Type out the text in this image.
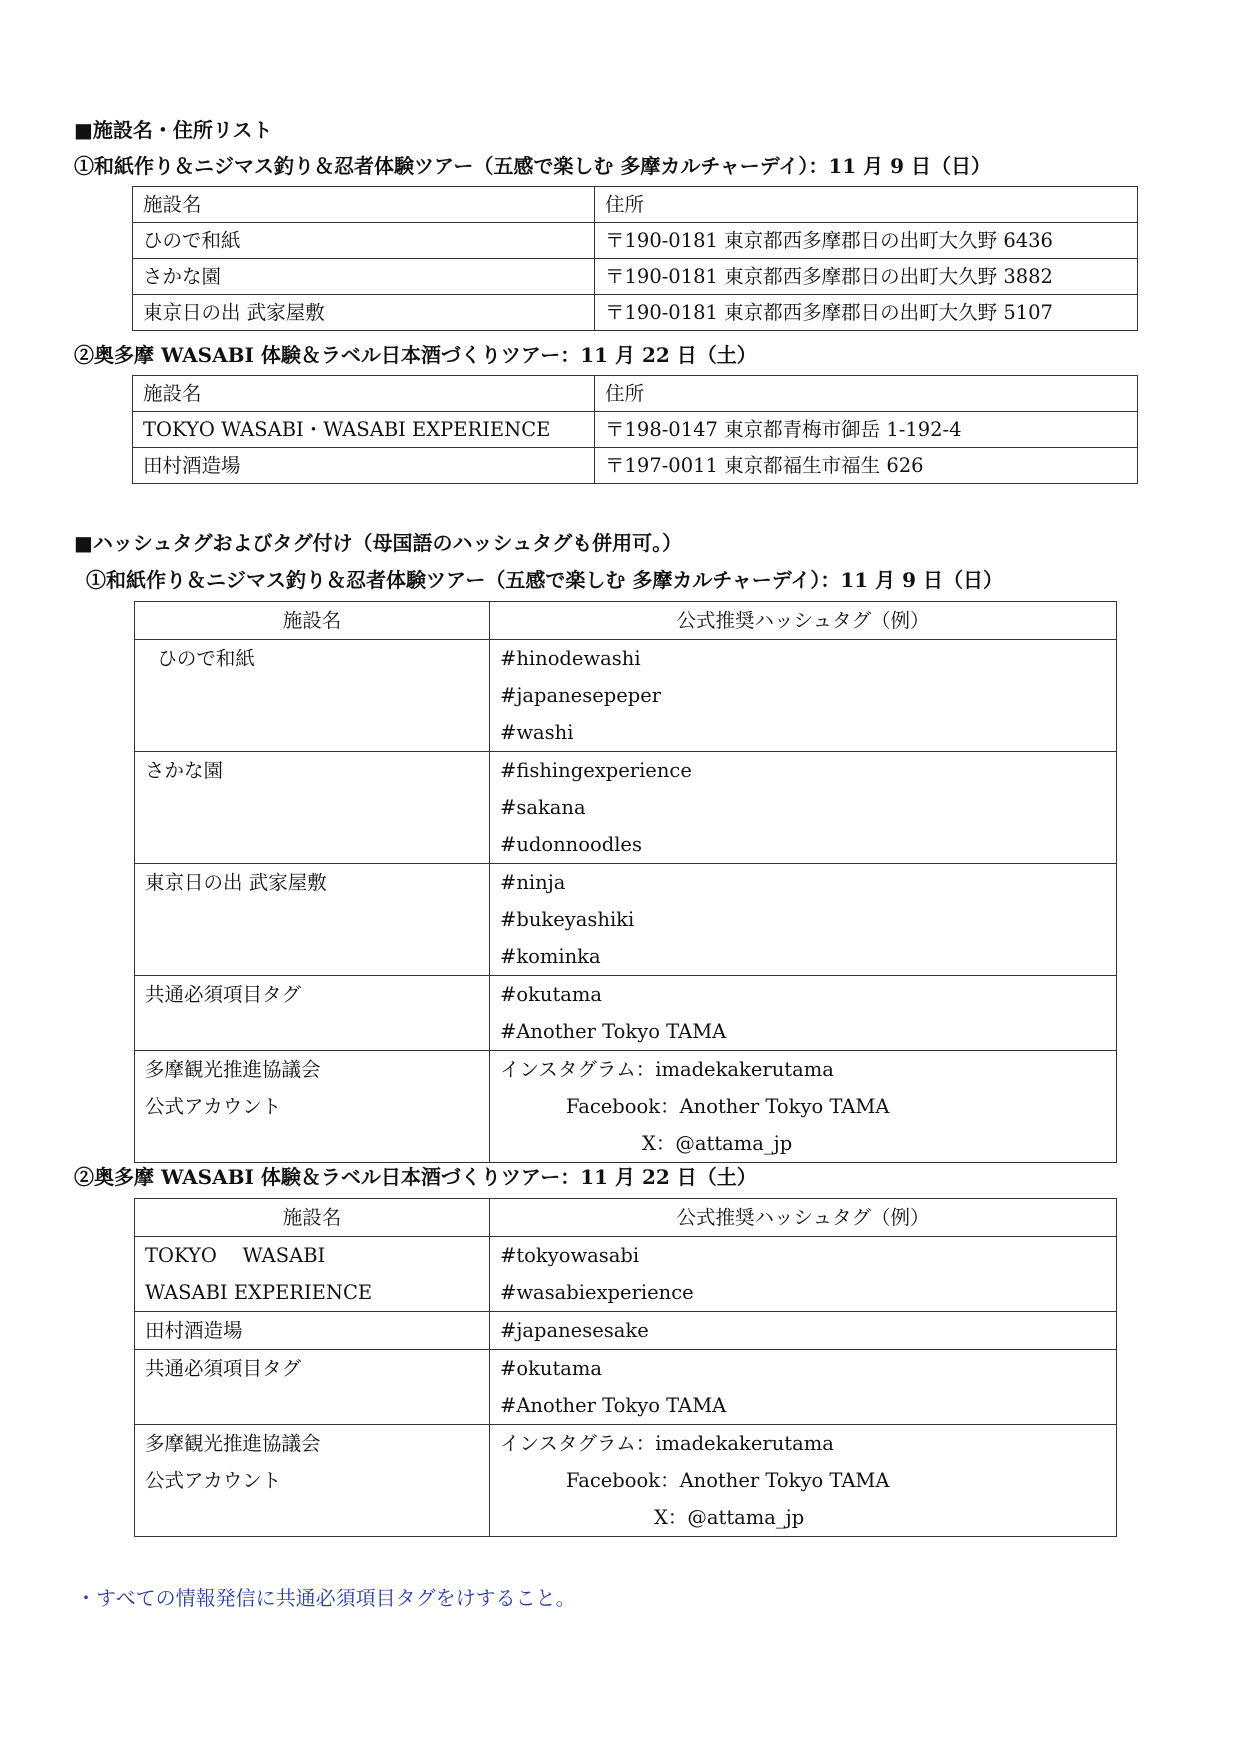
■施設名・住所リスト
①和紙作り＆ニジマス釣り＆忍者体験ツアー（五感で楽しむ 多摩カルチャーデイ）：11 月 9 日（日）
施設名	住所
ひので和紙	〒190-0181 東京都西多摩郡日の出町大久野 6436
さかな園	〒190-0181 東京都西多摩郡日の出町大久野 3882
東京日の出 武家屋敷	〒190-0181 東京都西多摩郡日の出町大久野 5107
②奥多摩 WASABI 体験＆ラベル日本酒づくりツアー：11 月 22 日（土）
施設名	住所
TOKYO WASABI・WASABI EXPERIENCE	〒198-0147 東京都青梅市御岳 1-192-4
田村酒造場	〒197-0011 東京都福生市福生 626
■ハッシュタグおよびタグ付け（母国語のハッシュタグも併用可。）
①和紙作り＆ニジマス釣り＆忍者体験ツアー（五感で楽しむ 多摩カルチャーデイ）：11 月 9 日（日）
施設名	公式推奨ハッシュタグ（例）

ひので和紙	#hinodewashi
#japanesepeper
#washi

さかな園	#fishingexperience
#sakana
#udonnoodles

東京日の出 武家屋敷	#ninja
#bukeyashiki
#kominka

共通必須項目タグ	#okutama
#Another Tokyo TAMA

多摩観光推進協議会
公式アカウント	インスタグラム：imadekakerutama
Facebook：Another Tokyo TAMA
X：@attama_jp
②奥多摩 WASABI 体験＆ラベル日本酒づくりツアー：11 月 22 日（土）
施設名	公式推奨ハッシュタグ（例）

TOKYO　 WASABI
WASABI EXPERIENCE	#tokyowasabi
#wasabiexperience

田村酒造場	#japanesesake

共通必須項目タグ	#okutama
#Another Tokyo TAMA

多摩観光推進協議会
公式アカウント	インスタグラム：imadekakerutama
Facebook：Another Tokyo TAMA
X：@attama_jp
・すべての情報発信に共通必須項目タグをけすること。
